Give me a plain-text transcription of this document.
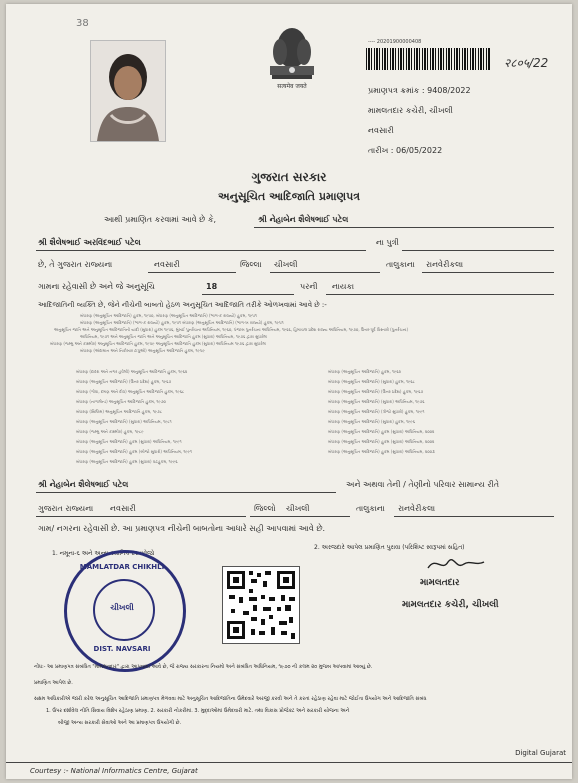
38
सत्यमेव जयते
---- 20201900000408
२८०५/22
પ્રમાણપત્ર ક્રમાંક : 9408/2022
મામલતદાર કચેરી, ચીખલી
નવસારી
તારીખ : 06/05/2022
ગુજરાત સરકાર
અનુસૂચિત આદિજાતિ પ્રમાણપત્ર
આથી પ્રમાણિત કરવામાં આવે છે કે,	શ્રી નેહાબેન શૈલેષભાઈ પટેલ
શ્રી શૈલેષભાઈ અરવિંદભાઈ પટેલ	ના પુત્રી
છે, તે ગુજરાત રાજ્યના	નવસારી	જિલ્લા ચીખલી	તાલુકાના રાનવેરીકલા
ગામના રહેવાસી છે અને જે અનુસૂચિ	18	પરની નાયકા
આદિજાતિની વ્યક્તિ છે, જેને નીચેની બાબતો હેઠળ અનુસૂચિત આદિજાતિ તરીકે ઓળખવામાં આવે છે :-
બંધારણ (અનુસૂચિત આદિજાતિ) હુકમ, ૧૯૫૦, બંધારણ (અનુસૂચિત આદિજાતિ) (ભાગ-ક રાજ્યો) હુકમ, ૧૯૫૧
બંધારણ (અનુસૂચિત આદિજાતિ) (ભાગ-ક રાજ્યો) હુકમ, ૧૯૫૧ બંધારણ (અનુસૂચિત આદિજાતિ) (ભાગ-ખ રાજ્યો) હુકમ, ૧૯૫૧
અનુસૂચિત જાતિ અને અનુસૂચિત આદિજાતિની યાદી (સુધારા) હુકમ ૧૯૫૬, મુંબઈ પુનર્રચના અધિનિયમ, ૧૯૬૦, પંજાબ પુનર્રચના અધિનિયમ, ૧૯૬૬, હિમાચલ પ્રદેશ રાજ્ય અધિનિયમ, ૧૯૭૦, ઉત્તર-પૂર્વ વિસ્તારો (પુનર્રચના)
અધિનિયમ, ૧૯૭૧ અને અનુસૂચિત જાતિ અને અનુસૂચિત આદિજાતિ હુકમ (સુધારા) અધિનિયમ, ૧૯૭૬ દ્વારા સુધારેલ
બંધારણ (જમ્મુ અને કાશ્મીર) અનુસૂચિત આદિજાતિ હુકમ, ૧૯૫૯ અનુસૂચિત આદિજાતિ હુકમ (સુધારા) અધિનિયમ ૧૯૭૬ દ્વારા સુધારેલ
બંધારણ (અંદામાન અને નિકોબાર ટાપુઓ) અનુસૂચિત આદિજાતિ હુકમ, ૧૯૫૯
બંધારણ (દાદરા અને નગર હવેલી) અનુસૂચિત આદિજાતિ હુકમ, ૧૯૬૨
બંધારણ (અનુસૂચિત આદિજાતિ) (ઉત્તર પ્રદેશ) હુકમ, ૧૯૬૭
બંધારણ (ગોવા, દમણ અને દીવ) અનુસૂચિત આદિજાતિ હુકમ, ૧૯૬૮
બંધારણ (નાગાલેન્ડ) અનુસૂચિત આદિજાતિ હુકમ, ૧૯૭૦
બંધારણ (સિક્કિમ) અનુસૂચિત આદિજાતિ હુકમ, ૧૯૭૮
બંધારણ (અનુસૂચિત આદિજાતિ) (સુધારા) અધિનિયમ, ૧૯૮૧
બંધારણ (જમ્મુ અને કાશ્મીર) હુકમ, ૧૯૮૯
બંધારણ (અનુસૂચિત આદિજાતિ) હુકમ (સુધારા) અધિનિયમ, ૧૯૯૧
બંધારણ (અનુસૂચિત આદિજાતિ) હુકમ (બીજો સુધારો) અધિનિયમ, ૧૯૯૧
બંધારણ (અનુસૂચિત આદિજાતિ) હુકમ (સુધારા) વટહુકમ, ૧૯૯૬
બંધારણ (અનુસૂચિત આદિજાતિ) હુકમ, ૧૯૬૨
બંધારણ (અનુસૂચિત આદિજાતિ) (સુધારા) હુકમ, ૧૯૬૮
બંધારણ (અનુસૂચિત આદિજાતિ) (ઉત્તર પ્રદેશ) હુકમ, ૧૯૬૭
બંધારણ (અનુસૂચિત આદિજાતિ) (સુધારા) અધિનિયમ, ૧૯૭૬
બંધારણ (અનુસૂચિત આદિજાતિ) (ત્રીજો સુધારો) હુકમ, ૧૯૯૧
બંધારણ (અનુસૂચિત આદિજાતિ) (સુધારા) હુકમ, ૧૯૯૬
બંધારણ (અનુસૂચિત આદિજાતિ) હુકમ (સુધારા) અધિનિયમ, ૨૦૦૨
બંધારણ (અનુસૂચિત આદિજાતિ) હુકમ (સુધારા) અધિનિયમ, ૨૦૦૨
બંધારણ (અનુસૂચિત આદિજાતિ) હુકમ (સુધારા) અધિનિયમ, ૨૦૦૩
શ્રી નેહાબેન શૈલેષભાઈ પટેલ	અને અથવા તેની / તેણીનો પરિવાર સામાન્ય રીતે
ગુજરાત રાજ્યના નવસારી	જિલ્લો ચીખલી	તાલુકાના રાનવેરીકલા
ગામ/ નગરના રહેવાસી છે. આ પ્રમાણપત્ર નીચેની બાબતોના આધારે સહી આપવામાં આવે છે.
1. નમૂના-૬ અને અન્ય સ્થાનિક દસ્તાવેજો
2. અરજદારે આપેલ પ્રમાણિત પુરાવા (પરિશિષ્ટ સ્વરૂપમાં સહિત)
MAMLATDAR CHIKHLI
ચીખલી
DIST. NAVSARI
મામલતદાર
મામલતદાર કચેરી, ચીખલી
નોંધ:- આ પ્રમાણપત્ર સંબંધિત "મામલતદાર" દ્વારા આપવામાં આવે છે, જે રાજ્ય સરકારના નિયમો અને સંબંધિત અધિનિયમ, ૧૯૭૦ ની કલમ ૨૦ મુજબ આપવામાં આવ્યું છે.
પ્રમાણિત આપેલ છે.
સક્ષમ અધિકારીએ જારી કરેલ અનુસૂચિત આદિજાતિ પ્રમાણપત્ર મેળવવા માટે અનુસૂચિત આદિજાતિના ઉમેદવારે અરજી કરવી અને તે કરતાં રહેઠાણ રહેવા માટે જોઈતા ઉપયોગ અને આદિજાતિ સંબંધ
1. ઉપર દર્શાવેલ નીતિ સિવાય વિશેષ રહેઠાણ પ્રમાણ. 2. સરકારી નોકરીમાં. 3. મુદ્દાઓમાં ઉમેદવારી માટે. તથા વિકાસ પ્રોજેક્ટ અને સરકારી યોજના અને
બીજી અન્ય સરકારી સેવાઓ અને આ પ્રમાણપત્ર ઉપયોગી છે.
Courtesy :- National Informatics Centre, Gujarat
Digital Gujarat
